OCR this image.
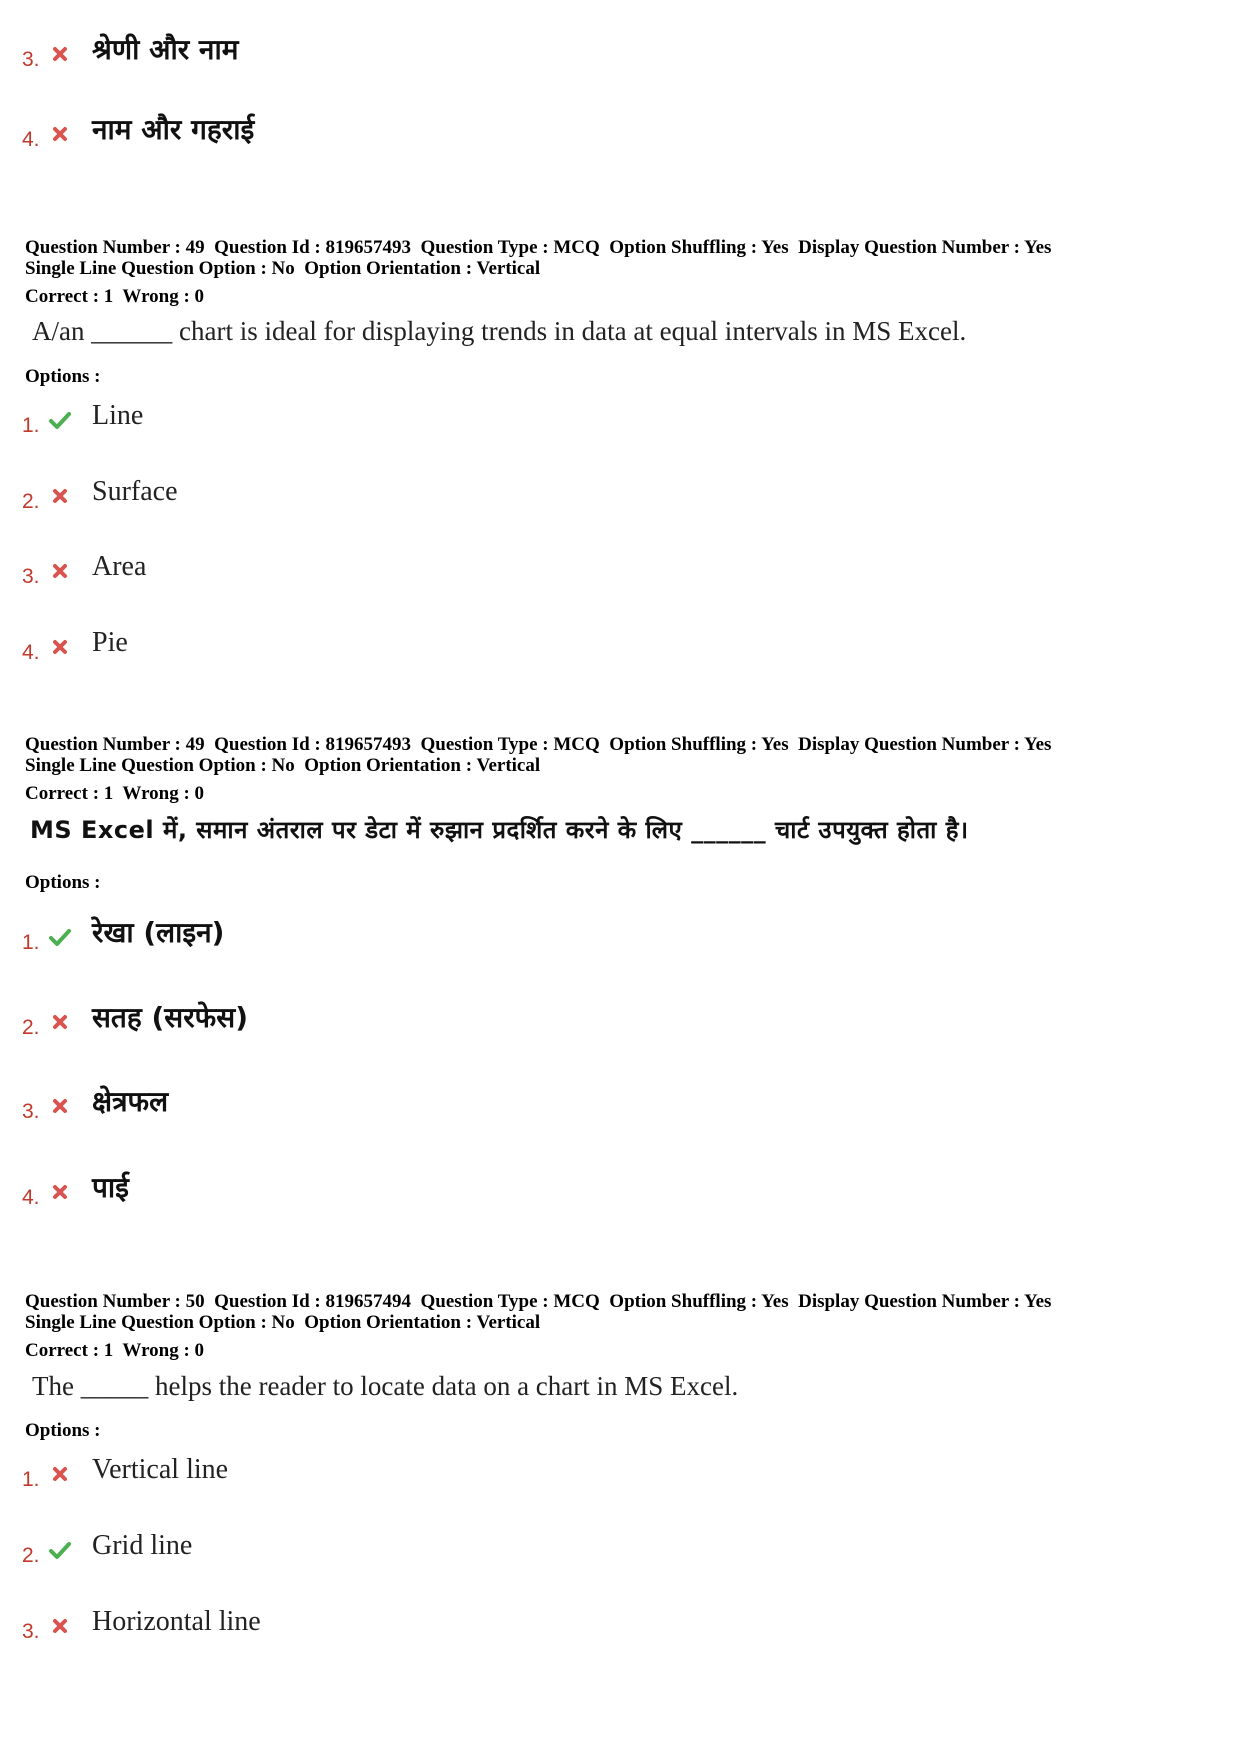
3. श्रेणी और नाम
4. नाम और गहराई
Question Number : 49  Question Id : 819657493  Question Type : MCQ  Option Shuffling : Yes  Display Question Number : Yes
Single Line Question Option : No  Option Orientation : Vertical
Correct : 1  Wrong : 0
A/an ______ chart is ideal for displaying trends in data at equal intervals in MS Excel.
Options :
1. Line
2. Surface
3. Area
4. Pie
Question Number : 49  Question Id : 819657493  Question Type : MCQ  Option Shuffling : Yes  Display Question Number : Yes
Single Line Question Option : No  Option Orientation : Vertical
Correct : 1  Wrong : 0
MS Excel में, समान अंतराल पर डेटा में रुझान प्रदर्शित करने के लिए ______ चार्ट उपयुक्त होता है।
Options :
1. रेखा (लाइन)
2. सतह (सरफेस)
3. क्षेत्रफल
4. पाई
Question Number : 50  Question Id : 819657494  Question Type : MCQ  Option Shuffling : Yes  Display Question Number : Yes
Single Line Question Option : No  Option Orientation : Vertical
Correct : 1  Wrong : 0
The _____ helps the reader to locate data on a chart in MS Excel.
Options :
1. Vertical line
2. Grid line
3. Horizontal line
